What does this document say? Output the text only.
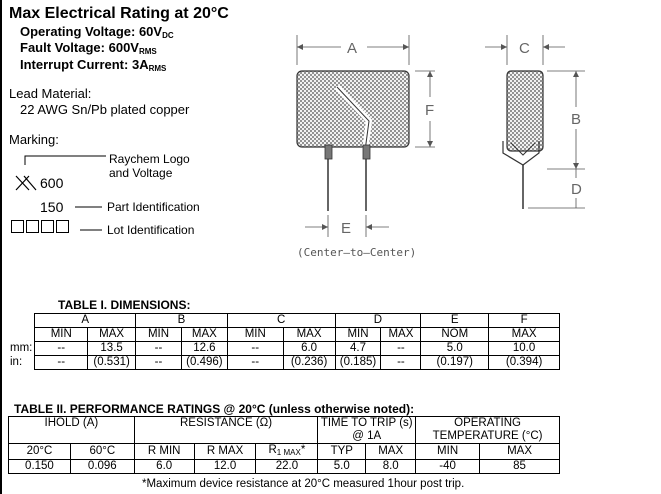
Max Electrical Rating at 20°C
Operating Voltage: $60V_{DC}$
Fault Voltage: $600V_{RMS}$
Interrupt Current: $3A_{RMS}$
Lead Material:
22 AWG Sn/Pb plated copper
Marking:
Raychem Logo
and Voltage
600
150	Part Identification
Lot Identification
A	C
F
B
D
E
(Center–to–Center)
TABLE I. DIMENSIONS:
	A		B		C		D		E	F
	MIN	MAX	MIN	MAX	MIN	MAX	MIN	MAX	NOM	MAX
mm:	--	13.5	--	12.6	--	6.0	4.7	--	5.0	10.0
in:	--	(0.531)	--	(0.496)	--	(0.236)	(0.185)	--	(0.197)	(0.394)
TABLE II. PERFORMANCE RATINGS @ 20°C (unless otherwise noted):
IHOLD (A)		RESISTANCE (Ω)			TIME TO TRIP (s)		OPERATING	
					@ 1A		TEMPERATURE (°C)	
20°C	60°C	R MIN	R MAX	$R_{1 MAX}*$	TYP	MAX	MIN	MAX
0.150	0.096	6.0	12.0	22.0	5.0	8.0	-40	85
*Maximum device resistance at 20°C measured 1hour post trip.
